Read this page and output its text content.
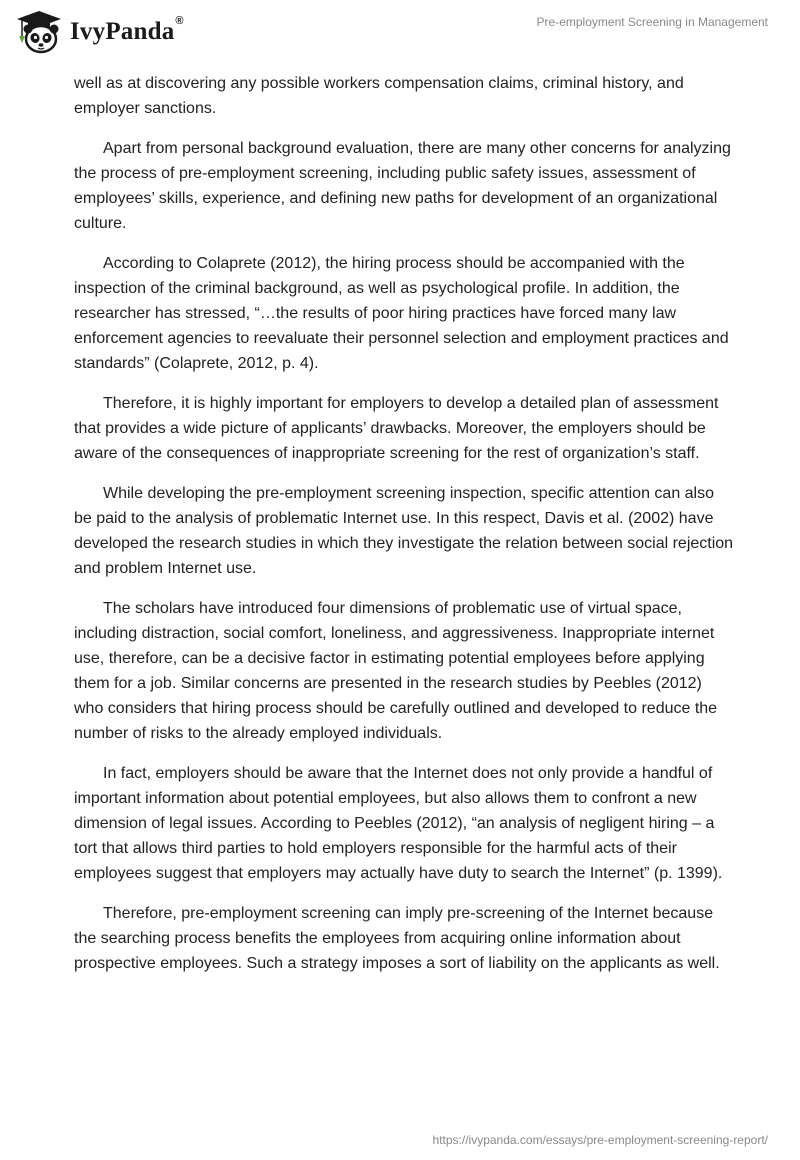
IvyPanda®	Pre-employment Screening in Management

well as at discovering any possible workers compensation claims, criminal history, and employer sanctions.

Apart from personal background evaluation, there are many other concerns for analyzing the process of pre-employment screening, including public safety issues, assessment of employees’ skills, experience, and defining new paths for development of an organizational culture.

According to Colaprete (2012), the hiring process should be accompanied with the inspection of the criminal background, as well as psychological profile. In addition, the researcher has stressed, “…the results of poor hiring practices have forced many law enforcement agencies to reevaluate their personnel selection and employment practices and standards” (Colaprete, 2012, p. 4).

Therefore, it is highly important for employers to develop a detailed plan of assessment that provides a wide picture of applicants’ drawbacks. Moreover, the employers should be aware of the consequences of inappropriate screening for the rest of organization’s staff.

While developing the pre-employment screening inspection, specific attention can also be paid to the analysis of problematic Internet use. In this respect, Davis et al. (2002) have developed the research studies in which they investigate the relation between social rejection and problem Internet use.

The scholars have introduced four dimensions of problematic use of virtual space, including distraction, social comfort, loneliness, and aggressiveness. Inappropriate internet use, therefore, can be a decisive factor in estimating potential employees before applying them for a job. Similar concerns are presented in the research studies by Peebles (2012) who considers that hiring process should be carefully outlined and developed to reduce the number of risks to the already employed individuals.

In fact, employers should be aware that the Internet does not only provide a handful of important information about potential employees, but also allows them to confront a new dimension of legal issues. According to Peebles (2012), “an analysis of negligent hiring – a tort that allows third parties to hold employers responsible for the harmful acts of their employees suggest that employers may actually have duty to search the Internet” (p. 1399).

Therefore, pre-employment screening can imply pre-screening of the Internet because the searching process benefits the employees from acquiring online information about prospective employees. Such a strategy imposes a sort of liability on the applicants as well.

https://ivypanda.com/essays/pre-employment-screening-report/
